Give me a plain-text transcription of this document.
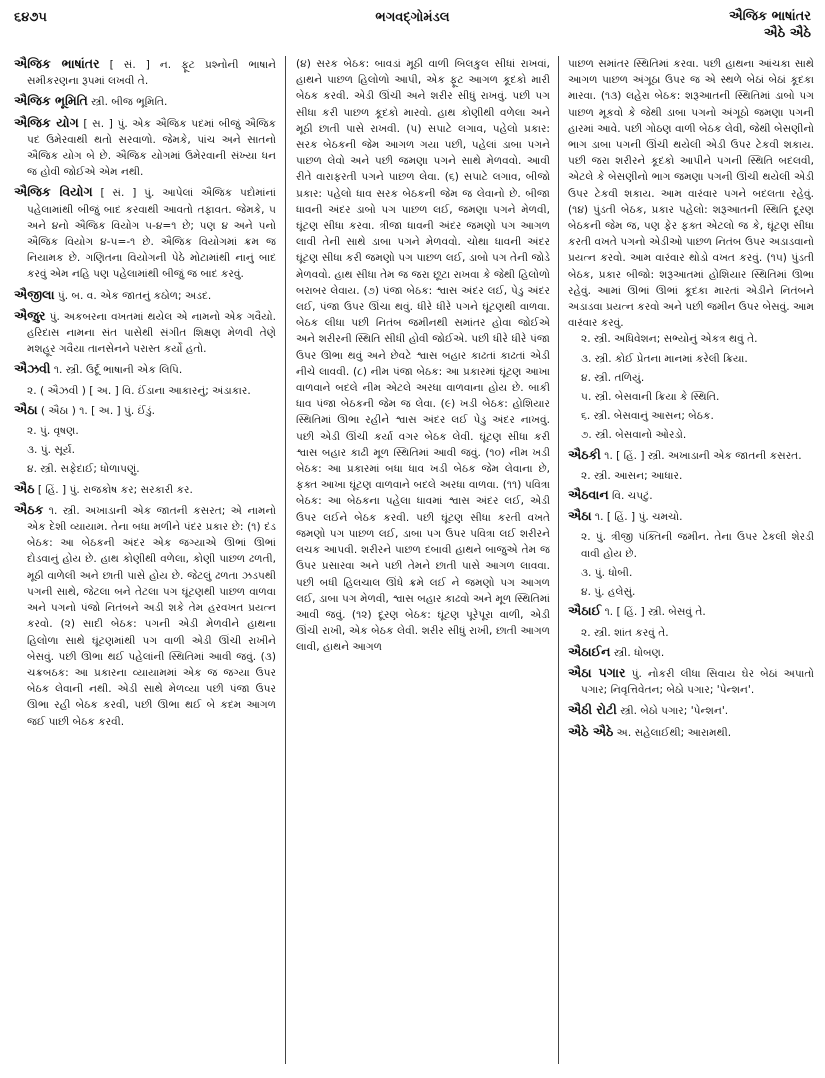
૬૪૭૫	ભગવદ્‌ગોમંડલ	ઐજિક ભાષાંતર
ઐઠે ઐઠે

ઐજિક ભાષાંતર [ સં. ] ન. ફૂટ પ્રશ્નોની ભાષાને સમીકરણના રૂપમાં લખવી તે.

ઐજિક ભૂમિતિ સ્ત્રી. બીજ ભૂમિતિ.

ઐજિક યોગ [ સ. ] પું. એક ઐજિક પદમાં બીજું ઐજિક પદ ઉમેરવાથી થતો સરવાળો. જેમકે, પાંચ અને સાતનો ઐજિક યોગ બે છે. ઐજિક યોગમાં ઉમેરવાની સંખ્યા ધન જ હોવી જોઈએ એમ નથી.

ઐજિક વિયોગ [ સં. ] પું. આપેલાં ઐજિક પદોમાંનાં પહેલામાંથી બીજું બાદ કરવાથી આવતો તફાવત. જેમકે, ૫ અને ૪નો ઐજિક વિયોગ ૫-૪=૧ છે; પણ ૪ અને ૫નો ઐજિક વિયોગ ૪-૫=-૧ છે. ઐજિક વિયોગમાં ક્રમ જ નિયામક છે. ગણિતના વિયોગની પેઠે મોટામાંથી નાનું બાદ કરવું એમ નહિ પણ પહેલામાંથી બીજું જ બાદ કરવું.

ઐજીલા પું. બ. વ. એક જાતનું કઠોળ; અડદ.

ઐજુર પું. અકબરના વખતમાં થયેલ એ નામનો એક ગવૈયો. હરિદાસ નામના સંત પાસેથી સંગીત શિક્ષણ મેળવી તેણે મશહૂર ગવૈયા તાનસેનને પરાસ્ત કર્યો હતો.

ઐઝવી ૧. સ્ત્રી. ઉર્દૂ ભાષાની એક લિપિ.

૨. ( ઐઝવી ) [ અ. ] વિ. ઈંડાના આકારનું; અંડાકાર.

ઐઠા ( ઐઠા ) ૧. [ અ. ] પું. ઈંડું.

૨. પું. વૃષણ.

૩. પું. સૂર્ય.

૪. સ્ત્રી. સફેદાઈ; ધોળાપણું.

ઐઠ [ હિં. ] પું. રાજકોષ કર; સરકારી કર.

ઐઠક ૧. સ્ત્રી. અખાડાની એક જાતની કસરત; એ નામનો એક દેશી વ્યાયામ. તેના બધા મળીને પંદર પ્રકાર છે: (૧) દંડ બેઠક: આ બેઠકની અંદર એક જગ્યાએ ઊભાં ઊભાં દોડવાનું હોય છે. હાથ કોણીથી વળેલા, કોણી પાછળ ઢળતી, મૂઠી વાળેલી અને છાતી પાસે હોય છે. જેટલું ઢળતા ઝડપથી પગની સાથે, જેટલા બને તેટલા પગ ઘૂંટણથી પાછળ વાળવા અને પગનો પંજો નિતંબને અડી શકે તેમ હરવખત પ્રયત્ન કરવો. (૨) સાદી બેઠક: પગની એડી મેળવીને હાથના હિલોળા સાથે ઘૂંટણમાંથી પગ વાળી એડી ઊંચી રાખીને બેસવું. પછી ઊભા થઈ પહેલાંની સ્થિતિમાં આવી જવું. (૩) ચક્રબઠક: આ પ્રકારના વ્યાયામમાં એક જ જગ્યા ઉપર બેઠક લેવાની નથી. એડી સાથે મેળવ્યા પછી પંજા ઉપર ઊભા રહી બેઠક કરવી, પછી ઊભા થઈ બે કદમ આગળ જઈ પાછી બેઠક કરવી.

(૪) સરક બેઠક: બાવડાં મૂઠી વાળી બિલકુલ સીધાં રાખવાં, હાથને પાછળ હિલોળો આપી, એક ફૂટ આગળ કૂદકો મારી બેઠક કરવી. એડી ઊંચી અને શરીર સીધું રાખવું. પછી પગ સીધા કરી પાછળ કૂદકો મારવો. હાથ કોણીથી વળેલા અને મૂઠી છાતી પાસે રાખવી. (૫) સપાટે લગાવ, પહેલો પ્રકાર: સરક બેઠકની જેમ આગળ ગયા પછી, પહેલાં ડાબા પગને પાછળ લેવો અને પછી જમણા પગને સાથે મેળવવો. આવી રીતે વારાફરતી પગને પાછળ લેવા. (૬) સપાટે લગાવ, બીજો પ્રકાર: પહેલો ધાવ સરક બેઠકની જેમ જ લેવાનો છે. બીજા ધાવની અંદર ડાબો પગ પાછળ લઈ, જમણા પગને મેળવી, ઘૂંટણ સીધા કરવા. ત્રીજા ધાવની અંદર જમણો પગ આગળ લાવી તેની સાથે ડાબા પગને મેળવવો. ચોથા ધાવની અંદર ઘૂંટણ સીધા કરી જમણો પગ પાછળ લઈ, ડાબો પગ તેની જોડે મેળવવો. હાથ સીધા તેમ જ જરા છૂટા રાખવા કે જેથી હિલોળો બરાબર લેવાય. (૭) પંજા બેઠક: શ્વાસ અંદર લઈ, પેડુ અંદર લઈ, પંજા ઉપર ઊંચા થવું. ધીરે ધીરે પગને ઘૂંટણથી વાળવા. બેઠક લીધા પછી નિતંબ જમીનથી સમાંતર હોવા જોઈએ અને શરીરની સ્થિતિ સીધી હોવી જોઈએ. પછી ધીરે ધીરે પંજા ઉપર ઊભા થવું અને છેવટે શ્વાસ બહાર કાઢતાં કાઢતાં એડી નીચે લાવવી. (૮) નીમ પંજા બેઠક: આ પ્રકારમાં ઘૂંટણ આખા વાળવાને બદલે નીમ એટલે અરધા વાળવાના હોય છે. બાકી ધાવ પંજા બેઠકની જેમ જ લેવા. (૯) ખડી બેઠક: હોશિયાર સ્થિતિમાં ઊભા રહીને શ્વાસ અંદર લઈ પેડુ અંદર નાખવું. પછી એડી ઊંચી કર્યા વગર બેઠક લેવી. ઘૂંટણ સીધા કરી શ્વાસ બહાર કાઢી મૂળ સ્થિતિમાં આવી જવું. (૧૦) નીમ ખડી બેઠક: આ પ્રકારમાં બધા ધાવ ખડી બેઠક જેમ લેવાના છે, ફક્ત આખા ઘૂંટણ વાળવાને બદલે અરધા વાળવા. (૧૧) પવિત્રા બેઠક: આ બેઠકના પહેલા ધાવમાં શ્વાસ અંદર લઈ, એડી ઉપર લઈને બેઠક કરવી. પછી ઘૂંટણ સીધા કરતી વખતે જમણો પગ પાછળ લઈ, ડાબા પગ ઉપર પવિત્રા લઈ શરીરને લચક આપવી. શરીરને પાછળ દબાવી હાથને બાજુએ તેમ જ ઉપર પ્રસારવા અને પછી તેમને છાતી પાસે આગળ લાવવા. પછી બધી હિલચાલ ઊંધે ક્રમે લઈ ને જમણો પગ આગળ લઈ, ડાબા પગ મેળવી, શ્વાસ બહાર કાઢવો અને મૂળ સ્થિતિમાં આવી જવું. (૧૨) દૂરણ બેઠક: ઘૂંટણ પૂરેપૂરા વાળી, એડી ઊંચી રાખી, એક બેઠક લેવી. શરીર સીધું રાખી, છાતી આગળ લાવી, હાથને આગળ

પાછળ સમાંતર સ્થિતિમાં કરવા. પછી હાથના આંચકા સાથે આગળ પાછળ અંગૂઠા ઉપર જ એ સ્થળે બેઠાં બેઠાં કૂદકા મારવા. (૧૩) લહેરા બેઠક: શરૂઆતની સ્થિતિમાં ડાબો પગ પાછળ મૂકવો કે જેથી ડાબા પગનો અંગૂઠો જમણા પગની હારમાં આવે. પછી ગોઠણ વાળી બેઠક લેવી, જેથી બેસણીનો ભાગ ડાબા પગની ઊંચી થયેલી એડી ઉપર ટેકવી શકાય. પછી જરા શરીરને કૂદકો આપીને પગની સ્થિતિ બદલવી, એટલે કે બેસણીનો ભાગ જમણા પગની ઊંચી થયેલી એડી ઉપર ટેકવી શકાય. આમ વારંવાર પગને બદલતા રહેવું. (૧૪) પુંડતી બેઠક, પ્રકાર પહેલો: શરૂઆતની સ્થિતિ દૂરણ બેઠકની જેમ જ, પણ ફેર ફક્ત એટલો જ કે, ઘૂંટણ સીધા કરતી વખતે પગનો એડીઓ પાછળ નિતંબ ઉપર અડાડવાનો પ્રયત્ન કરવો. આમ વારંવાર થોડો વખત કરવું. (૧૫) પુંડતી બેઠક, પ્રકાર બીજો: શરૂઆતમાં હોશિયાર સ્થિતિમાં ઊભા રહેવું. આમાં ઊભાં ઊભાં કૂદકા મારતાં એડીને નિતંબને અડાડવા પ્રયત્ન કરવો અને પછી જમીન ઉપર બેસવું. આમ વારંવાર કરવું.

૨. સ્ત્રી. અધિવેશન; સભ્યોનું એકત્ર થવું તે.

૩. સ્ત્રી. કોઈ પ્રેતના માનમાં કરેલી ક્રિયા.

૪. સ્ત્રી. તળિયું.

૫. સ્ત્રી. બેસવાની ક્રિયા કે સ્થિતિ.

૬. સ્ત્રી. બેસવાનું આસન; બેઠક.

૭. સ્ત્રી. બેસવાનો ઓરડો.

ઐઠકી ૧. [ હિં. ] સ્ત્રી. અખાડાની એક જાતની કસરત.

૨. સ્ત્રી. આસન; આધાર.

ઐઠવાન વિ. ચપટું.

ઐઠા ૧. [ હિં. ] પું. ચમચો.

૨. પું. ત્રીજી પંક્તિની જમીન. તેના ઉપર ઢેકલી શેરડી વાવી હોય છે.

૩. પું. ધોબી.

૪. પું. હલેસું.

ઐઠાઈ ૧. [ હિં. ] સ્ત્રી. બેસવું તે.

૨. સ્ત્રી. શાંત કરવું તે.

ઐઠાઈન સ્ત્રી. ધોબણ.

ઐઠા પગાર પું. નોકરી લીધા સિવાય ઘેર બેઠાં અપાતો પગાર; નિવૃત્તિવેતન; બેઠો પગાર; 'પેન્શન'.

ઐઠી રોટી સ્ત્રી. બેઠો પગાર; 'પેન્શન'.

ઐઠે ઐઠે અ. સહેલાઈથી; આરામથી.
